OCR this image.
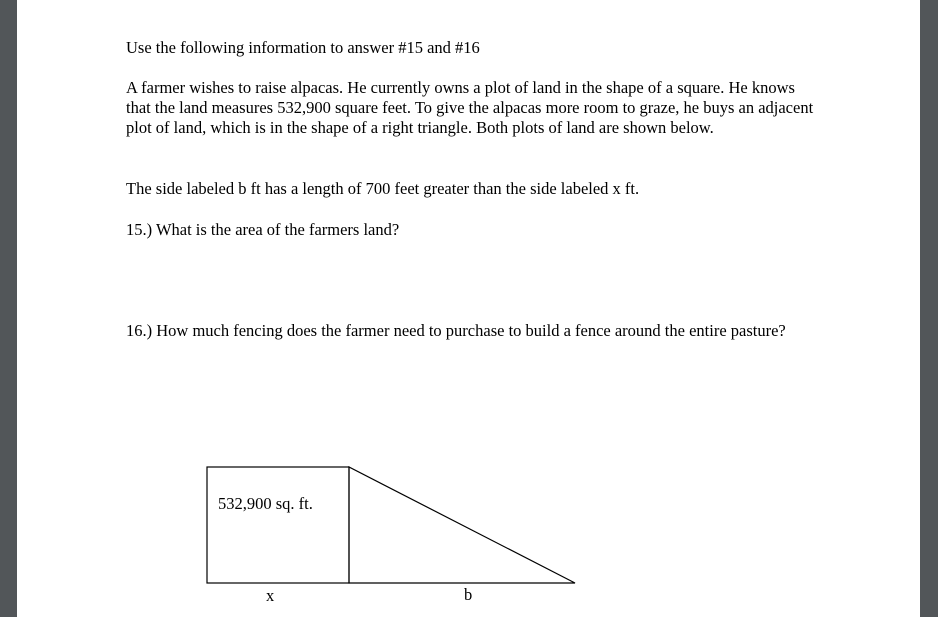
Use the following information to answer #15 and #16

A farmer wishes to raise alpacas. He currently owns a plot of land in the shape of a square. He knows that the land measures 532,900 square feet. To give the alpacas more room to graze, he buys an adjacent plot of land, which is in the shape of a right triangle. Both plots of land are shown below.

The side labeled b ft has a length of 700 feet greater than the side labeled x ft.

15.) What is the area of the farmers land?

16.) How much fencing does the farmer need to purchase to build a fence around the entire pasture?

532,900 sq. ft.
x	b
